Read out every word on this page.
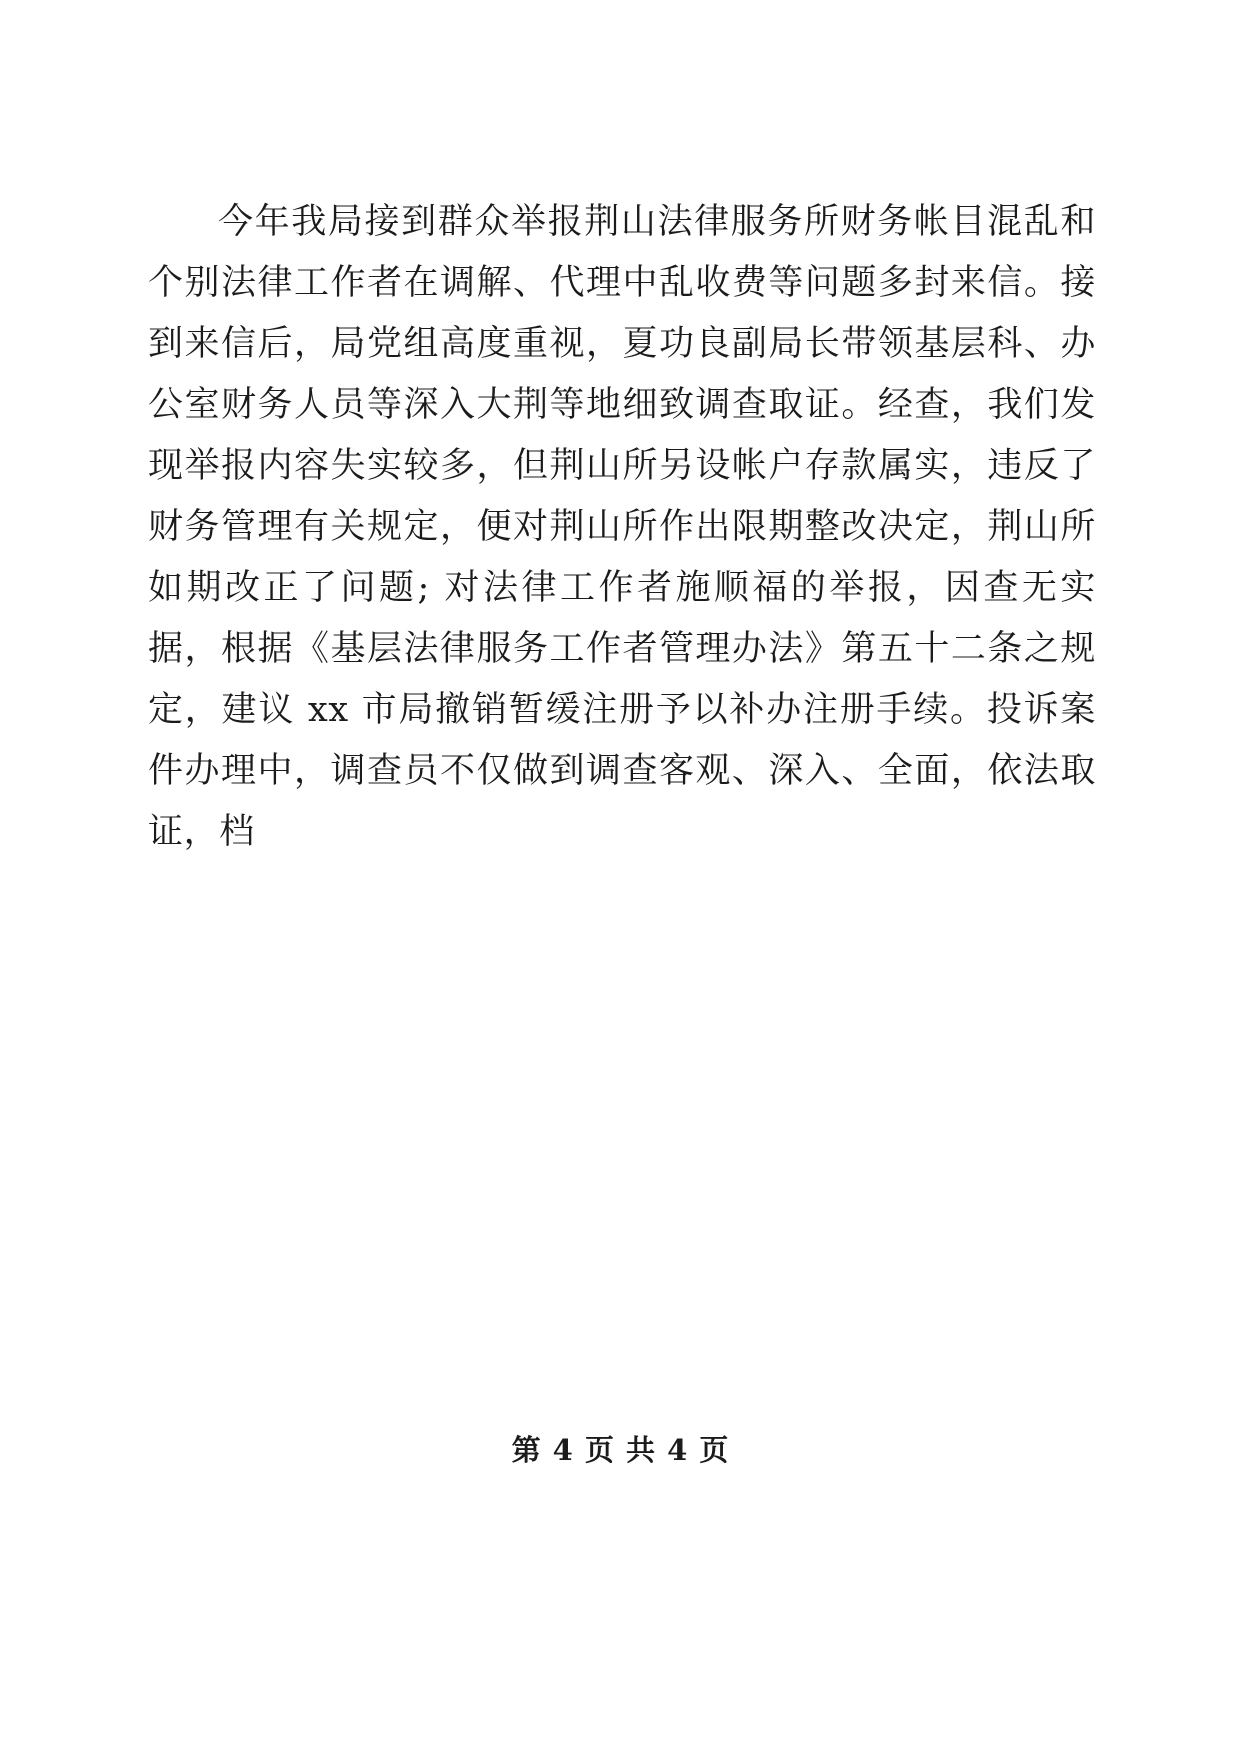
今年我局接到群众举报荆山法律服务所财务帐目混乱和个别法律工作者在调解、代理中乱收费等问题多封来信。接到来信后，局党组高度重视，夏功良副局长带领基层科、办公室财务人员等深入大荆等地细致调查取证。经查，我们发现举报内容失实较多，但荆山所另设帐户存款属实，违反了财务管理有关规定，便对荆山所作出限期整改决定，荆山所如期改正了问题; 对法律工作者施顺福的举报，因查无实据，根据《基层法律服务工作者管理办法》第五十二条之规定，建议 xx 市局撤销暂缓注册予以补办注册手续。投诉案件办理中，调查员不仅做到调查客观、深入、全面，依法取证，档

第 4 页 共 4 页
